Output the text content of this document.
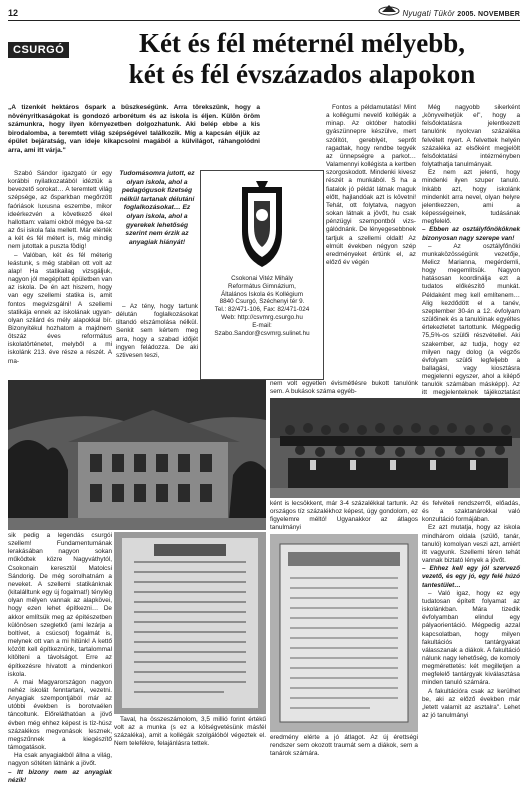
12	Nyugati Tükör 2005. NOVEMBER
CSURGÓ	Két és fél méternél mélyebb,
két és fél évszázados alapokon
„A tizenkét hektáros őspark a büszkeségünk. Arra törekszünk, hogy a növényritkaságokat is gondozó arborétum és az iskola is éljen. Külön öröm számunkra, hogy ilyen környezetben dolgozhatunk. Aki belép ebbe a kis birodalomba, a teremtett világ szépségével találkozik. Míg a kapcsán éljük az épület bejáratság, van ideje kikapcsolni magából a külvilágot, ráhangolódni arra, ami itt várja."

Szabó Sándor igazgató úr egy korábbi nyilatkozatából idéztük a bevezető sorokat… A teremtett világ szépsége, az ősparkban megőrzött faóriások luxusna eszembe, mikor ideérkezvén a következő ékel hallottam: valami okból mégye ba-sz az ősi iskola fala mellett. Már elérték a két és fél métert is, még mindig nem jutottak a puszta födig!

– Valóban, két és fél méterig leástunk, s még stabilan ott volt az alap! Ha statikailag vizsgáljuk, nagyon jól megépített épületben van az iskola. De én azt hiszem, hogy van egy szellemi statika is, amit fontos megvizsgálni! A szellemi statikája ennek az iskolának ugyanolyan szilárd és mély alapokkal bír. Bizonyítékul hozhatom a majdnem ötszáz éves református iskolatörténetet, melyből a mi iskolánk 213. éve része a részét. A ma-

Tudomásomra jutott, ez olyan iskola, ahol a pedagógusok fizetség nélkül tartanak délutáni foglalkozásokat… Ez olyan iskola, ahol a gyerekek lehetőség szerint nem érzik az anyagiak hiányát!

– Az tény, hogy tartunk délután foglalkozásokat tiltandó elszámolása nélkül. Senkit sem kértem meg arra, hogy a szabad időjét ingyen feládozza. De aki sztivesen teszi,

Csokonai Vitéz Mihály
Református Gimnázium,
Általános Iskola és Kollégium
8840 Csurgó, Széchenyi tér 9.
Tel.: 82/471-106, Fax: 82/471-024
Web: http://csvmrg.csurgo.hu
E-mail:
Szabo.Sandor@csvmrg.sulinet.hu

Fontos a példamutatás! Mint a kollégumi nevelő kollégák a minap. Az október hatodiki gyászünnepre készülve, mert szólítót, gereblyét, seprőt ragadtak, hogy rendbe tegyék az ünnepségre a parkot… Valamennyi kollégista a kertben szorgoskodott. Mindenki kivesz részét a munkából. S ha a fiatalok jó példát látnak maguk előtt, hajlandóak azt is követni! Tehát, ott folytatva, nagyon sokan látnak a jövőt, hu csak pénzügyi szempontból vizsgálódnánk. De lényegesebbnek tartjuk a szellemi oldalt! Az elmúlt években négyon szép eredményeket értünk el, az előző év végén

nem volt egyetlen évismétlésre bukott tanulónk sem. A bukások száma egyéb-

Még nagyobb sikerként „könyvelhetjük el", hogy a felsőoktatásra jelentkezett tanulónk nyolcvan százaléka felvételt nyert. A felvettek helyén százaléka az elsőként megjelölt felsőoktatási intézményben folytathatja tanulmányait.

Ez nem azt jelenti, hogy mindenki ilyen szuper tanuló. Inkább azt, hogy iskolánk mindenkit arra nevel, olyan helyre jelentkezzen, ami a képességeinek, tudásának megfelelő.

– Ebben az osztályfőnököknek bizonyosan nagy szerepe van!

– Az osztályfőnöki munkaközösségünk vezetője, Melicz Marianna, megérdemli, hogy megemlítsük. Nagyon hatásosan koordinálja ezt a tudatos előkészítő munkát. Példaként meg kell említenem… Alig kezdődött el a tanév, szeptember 30-án a 12. évfolyam szülőinek és a tanulóinak egyéltes értekezletet tartottunk. Mégpedig 75,5%-os szülői részvétellel. Aki szakember, az tudja, hogy ez milyen nagy dolog (a végzős évfolyam szülői legfeljebb a ballagási, vagy kiosztásra megjelenni egyszer, ahol a kilépő tanulók számában másképp). Az itt megjelenteknek tájékoztatást

sik pedig a legendás csurgói szellem! Fundamentumának lerakásában nagyon sokan működtek közre Nagyváthytól, Csokonain keresztül Matolcsi Sándorig. De még sorolhatnám a neveket. A szellemi statikánknak (kitalálltunk egy új fogalmat!) ténylég olyan mélyen vannak az alapkövei, hogy ezen lehet építkezni… De akkor említsük meg az építészetben különösen szegletkő (ami lezárja a boltívet, a csúcsot) fogalmát is, melynek ott van a mi hitünk! A kettő között kell építkeznünk, tartalommal kitölteni a távolságot. Erre az építkezésre hívatott a mindenkori iskola.

A mai Magyarországon nagyon nehéz iskolát fenntartani, vezetni. Anyagiak szempontjából már az utóbbi években is borotvaélen táncoltunk. Előreláthatóan a jövő évben még ehhez képest is tíz-húsz százalékos megvonások lesznek, megszűnnek a kiegészítő támogatások.

Ha csak anyagiakból állna a világ, nagyon sötéten látnánk a jövőt.

– Itt bizony nem az anyagiak nézik!

Taval, ha összeszámolom, 3,5 millió forint értékű volt az a munka (s ez a kölségvetésünk másfél százaléka), amit a kollégák szolgálóból végeztek el. Nem telefékre, felajánlásra tettek.

ként is lecsökkent, már 3-4 százalékkal tartunk. Az országos tíz százalékhoz képest, úgy gondolom, ez figyelemre méltó! Ugyanakkor az átlagos tanulmányi

eredmény elérte a jó átlagot. Az új érettségi rendszer sem okozott traumát sem a diákok, sem a tanárok számára.

és felvételi rendszerről, előadás, és a szaktanárokkal való konzultáció formájában.

Ez azt mutatja, hogy az iskola mindhárom oldala (szülő, tanár, tanuló) komolyan veszi azt, amiért itt vagyunk. Szellemi téren tehát vannak biztató lények a jövőt.

– Ehhez kell egy jól szervező vezető, és egy jó, egy felé húzó tantestület…

– Való igaz, hogy ez egy tudatosan épített folyamat az iskolánkban. Mára tizedik évfolyamban elindul egy pályaorientáció. Mégpedig azzal kapcsolatban, hogy milyen fakultációs tantárgyakat válasszanak a diákok. A fakultáció nálunk nagy lehetőség, de komoly megmérettetés: két megilletjen a megfelelő tantárgyak kiválasztása minden tanuló számára.

A fakultációra csak az kerülhet be, aki az előző években már „letett valamit az asztalra". Lehet az jó tanulmányi
